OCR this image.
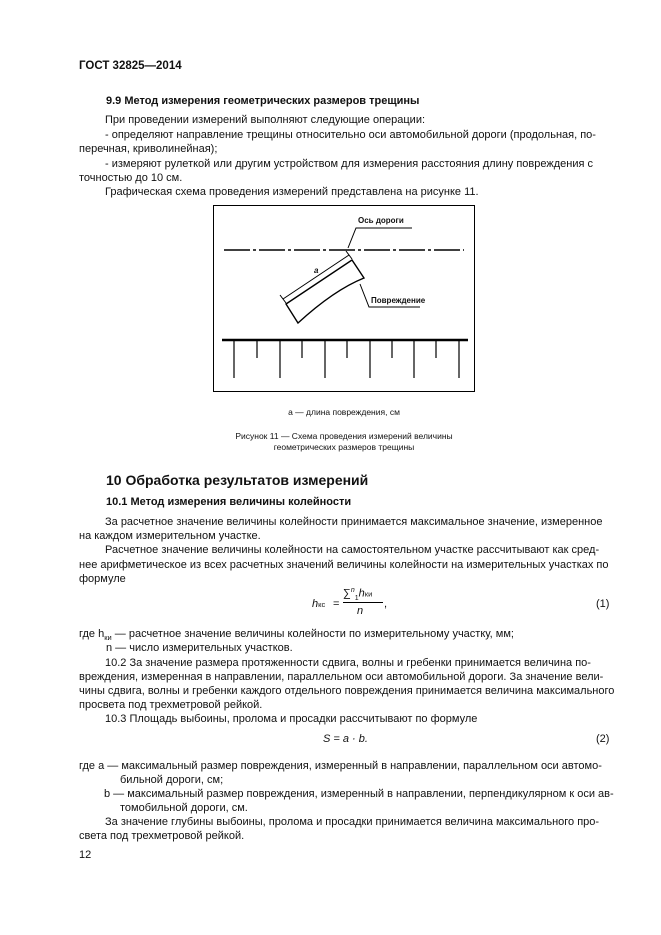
ГОСТ 32825—2014
9.9 Метод измерения геометрических размеров трещины
При проведении измерений выполняют следующие операции:
- определяют направление трещины относительно оси автомобильной дороги (продольная, по-
перечная, криволинейная);
- измеряют рулеткой или другим устройством для измерения расстояния длину повреждения с
точностью до 10 см.
Графическая схема проведения измерений представлена на рисунке 11.
Ось дороги
Повреждение
a
a — длина повреждения, см
Рисунок 11 — Схема проведения измерений величины
геометрических размеров трещины
10 Обработка результатов измерений
10.1 Метод измерения величины колейности
За расчетное значение величины колейности принимается максимальное значение, измеренное
на каждом измерительном участке.
Расчетное значение величины колейности на самостоятельном участке рассчитывают как сред-
нее арифметическое из всех расчетных значений величины колейности на измерительных участках по
формуле
hкс =
∑$^n_1$hки
n
,	(1)
где $h_{ки}$ — расчетное значение величины колейности по измерительному участку, мм;
n — число измерительных участков.
10.2 За значение размера протяженности сдвига, волны и гребенки принимается величина по-
вреждения, измеренная в направлении, параллельном оси автомобильной дороги. За значение вели-
чины сдвига, волны и гребенки каждого отдельного повреждения принимается величина максимального
просвета под трехметровой рейкой.
10.3 Площадь выбоины, пролома и просадки рассчитывают по формуле
S = a · b.	(2)
где a — максимальный размер повреждения, измеренный в направлении, параллельном оси автомо-
бильной дороги, см;
b — максимальный размер повреждения, измеренный в направлении, перпендикулярном к оси ав-
томобильной дороги, см.
За значение глубины выбоины, пролома и просадки принимается величина максимального про-
света под трехметровой рейкой.
12
